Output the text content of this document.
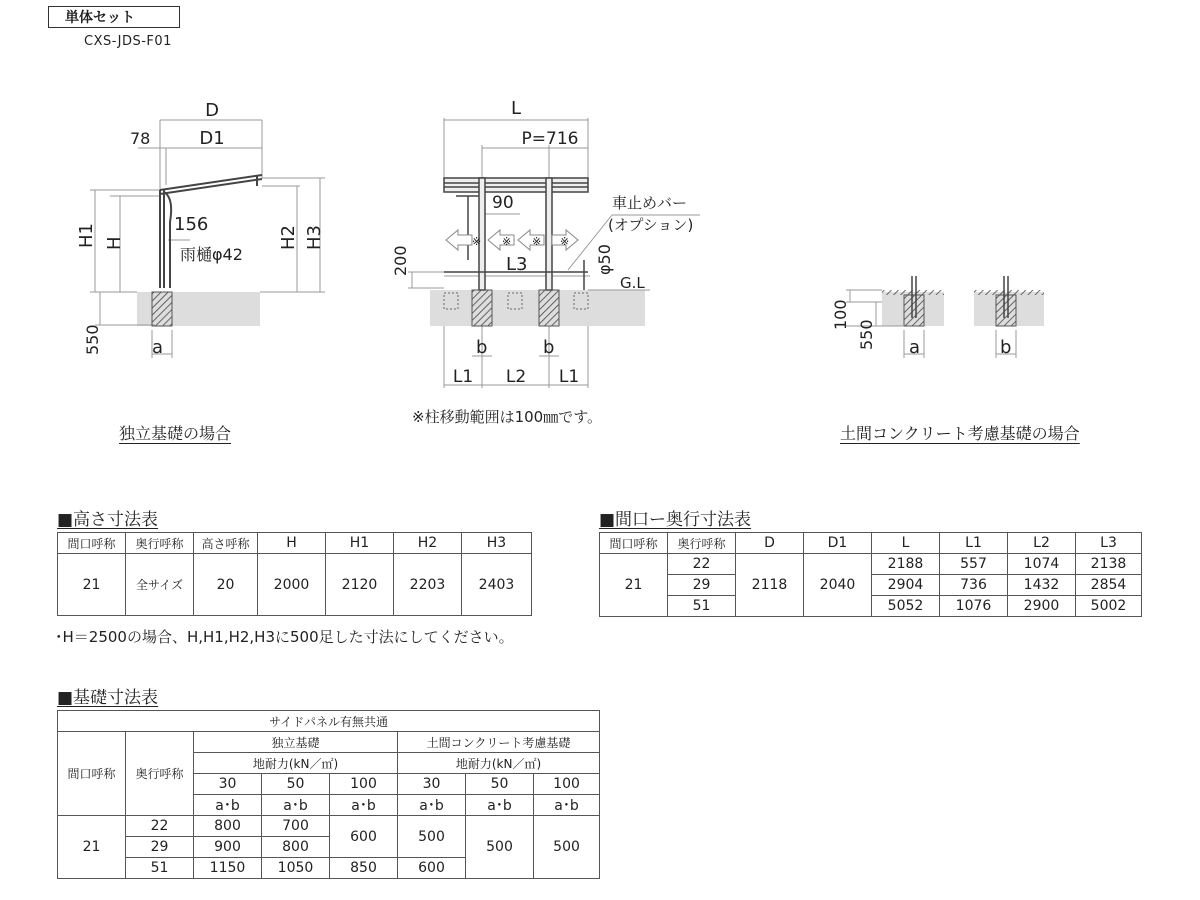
単体セット
CXS-JDS-F01
D
D1
78
156
雨樋φ42
a
H1 H	H2 H3
550
※ ※ ※ ※
L
P=716
90	車止めバー
(オプション)
L3	φ50
G.L
200
b	b
L1 L2 L1
100
550 a	b
独立基礎の場合
※柱移動範囲は100㎜です。
土間コンクリート考慮基礎の場合
■高さ寸法表
間口呼称	奥行呼称	高さ呼称	H	H1	H2	H3
21	全サイズ	20	2000	2120	2203	2403
･H＝2500の場合、H,H1,H2,H3に500足した寸法にしてください。
■間口ー奥行寸法表
間口呼称	奥行呼称	D	D1	L	L1	L2	L3
21	22	2118	2040	2188	557	1074	2138
	29			2904	736	1432	2854
	51			5052	1076	2900	5002
■基礎寸法表
サイドパネル有無共通							
間口呼称	奥行呼称	独立基礎			土間コンクリート考慮基礎		
		地耐力(kN／㎡)			地耐力(kN／㎡)		
		30	50	100	30	50	100
		a･b	a･b	a･b	a･b	a･b	a･b
21	22	800	700	600	500	500	500
	29	900	800				
	51	1150	1050	850	600		
